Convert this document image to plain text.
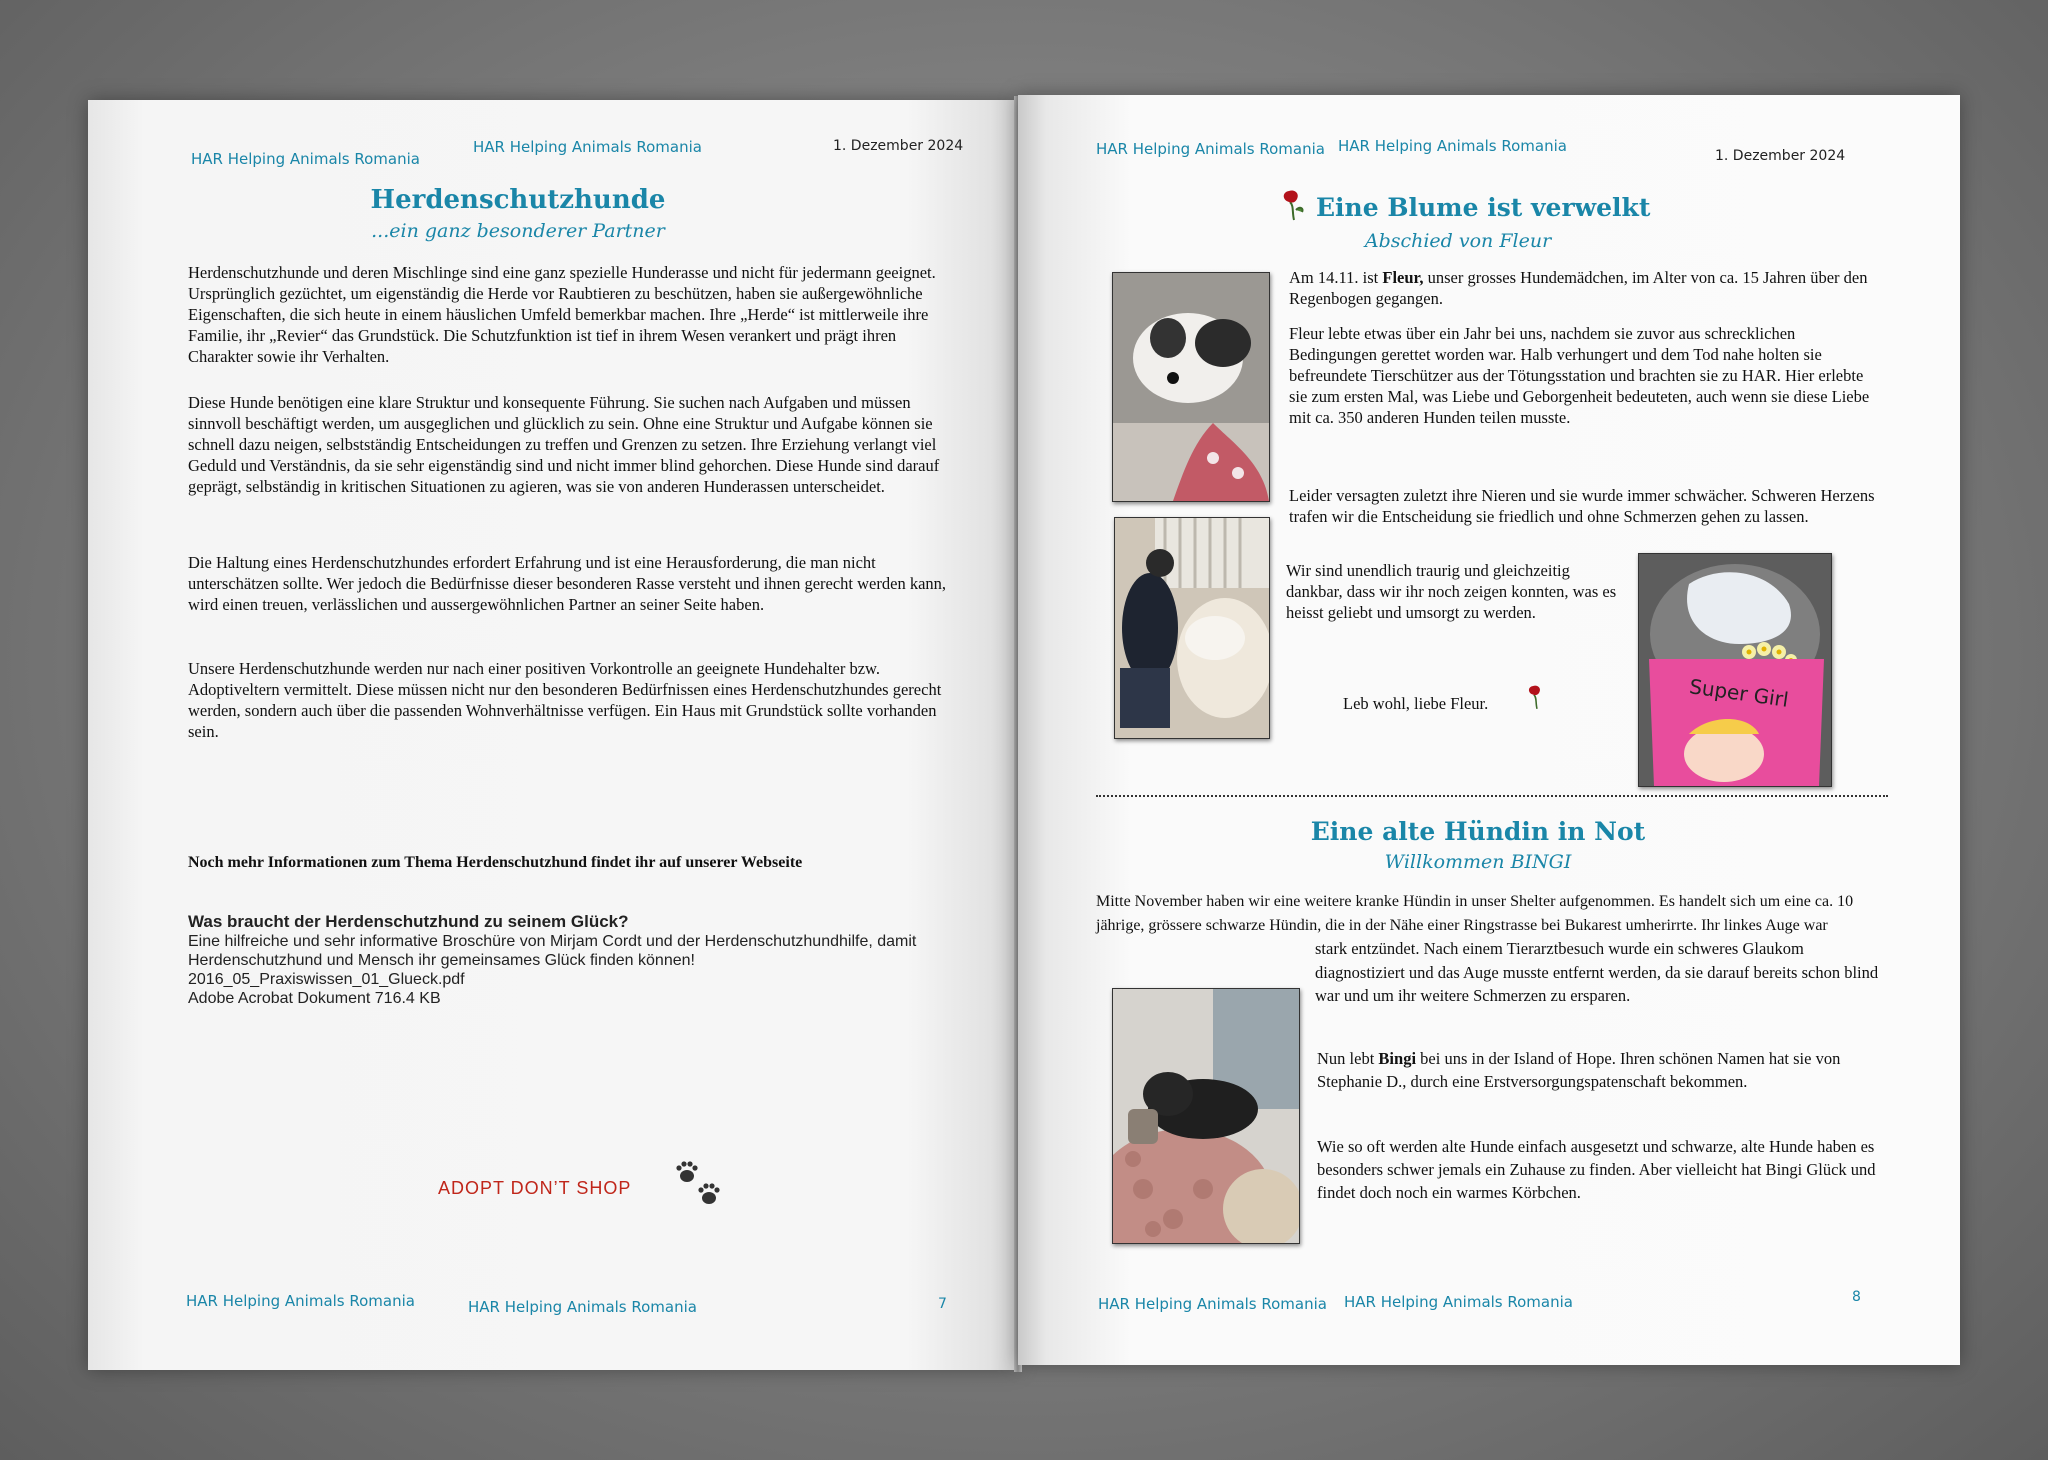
HAR Helping Animals Romania
HAR Helping Animals Romania	1. Dezember 2024
Herdenschutzhunde
...ein ganz besonderer Partner

Herdenschutzhunde und deren Mischlinge sind eine ganz spezielle Hunderasse und nicht für jedermann geeignet. Ursprünglich gezüchtet, um eigenständig die Herde vor Raubtieren zu beschützen, haben sie außergewöhnliche Eigenschaften, die sich heute in einem häuslichen Umfeld bemerkbar machen. Ihre „Herde“ ist mittlerweile ihre Familie, ihr „Revier“ das Grundstück. Die Schutzfunktion ist tief in ihrem Wesen verankert und prägt ihren Charakter sowie ihr Verhalten.

Diese Hunde benötigen eine klare Struktur und konsequente Führung. Sie suchen nach Aufgaben und müssen sinnvoll beschäftigt werden, um ausgeglichen und glücklich zu sein. Ohne eine Struktur und Aufgabe können sie schnell dazu neigen, selbstständig Entscheidungen zu treffen und Grenzen zu setzen. Ihre Erziehung verlangt viel Geduld und Verständnis, da sie sehr eigenständig sind und nicht immer blind gehorchen. Diese Hunde sind darauf geprägt, selbständig in kritischen Situationen zu agieren, was sie von anderen Hunderassen unterscheidet.

Die Haltung eines Herdenschutzhundes erfordert Erfahrung und ist eine Herausforderung, die man nicht unterschätzen sollte. Wer jedoch die Bedürfnisse dieser besonderen Rasse versteht und ihnen gerecht werden kann, wird einen treuen, verlässlichen und aussergewöhnlichen Partner an seiner Seite haben.

Unsere Herdenschutzhunde werden nur nach einer positiven Vorkontrolle an geeignete Hundehalter bzw. Adoptiveltern vermittelt. Diese müssen nicht nur den besonderen Bedürfnissen eines Herdenschutzhundes gerecht werden, sondern auch über die passenden Wohnverhältnisse verfügen. Ein Haus mit Grundstück sollte vorhanden sein.

Noch mehr Informationen zum Thema Herdenschutzhund findet ihr auf unserer Webseite

Was braucht der Herdenschutzhund zu seinem Glück?
Eine hilfreiche und sehr informative Broschüre von Mirjam Cordt und der Herdenschutzhundhilfe, damit Herdenschutzhund und Mensch ihr gemeinsames Glück finden können!
2016_05_Praxiswissen_01_Glueck.pdf
Adobe Acrobat Dokument 716.4 KB
ADOPT DON’T SHOP
HAR Helping Animals Romania	HAR Helping Animals Romania	7
HAR Helping Animals Romania HAR Helping Animals Romania
1. Dezember 2024
Eine Blume ist verwelkt
Abschied von Fleur

Am 14.11. ist Fleur, unser grosses Hundemädchen, im Alter von ca. 15 Jahren über den Regenbogen gegangen.

Fleur lebte etwas über ein Jahr bei uns, nachdem sie zuvor aus schrecklichen Bedingungen gerettet worden war. Halb verhungert und dem Tod nahe holten sie befreundete Tierschützer aus der Tötungsstation und brachten sie zu HAR. Hier erlebte sie zum ersten Mal, was Liebe und Geborgenheit bedeuteten, auch wenn sie diese Liebe mit ca. 350 anderen Hunden teilen musste.

Leider versagten zuletzt ihre Nieren und sie wurde immer schwächer. Schweren Herzens trafen wir die Entscheidung sie friedlich und ohne Schmerzen gehen zu lassen.

Wir sind unendlich traurig und gleichzeitig dankbar, dass wir ihr noch zeigen konnten, was es heisst geliebt und umsorgt zu werden.

Leb wohl, liebe Fleur.	Super Girl
Eine alte Hündin in Not
Willkommen BINGI

Mitte November haben wir eine weitere kranke Hündin in unser Shelter aufgenommen. Es handelt sich um eine ca. 10 jährige, grössere schwarze Hündin, die in der Nähe einer Ringstrasse bei Bukarest umherirrte. Ihr linkes Auge war

stark entzündet. Nach einem Tierarztbesuch wurde ein schweres Glaukom diagnostiziert und das Auge musste entfernt werden, da sie darauf bereits schon blind war und um ihr weitere Schmerzen zu ersparen.

Nun lebt Bingi bei uns in der Island of Hope. Ihren schönen Namen hat sie von Stephanie D., durch eine Erstversorgungspatenschaft bekommen.

Wie so oft werden alte Hunde einfach ausgesetzt und schwarze, alte Hunde haben es besonders schwer jemals ein Zuhause zu finden. Aber vielleicht hat Bingi Glück und findet doch noch ein warmes Körbchen.

HAR Helping Animals Romania HAR Helping Animals Romania	8
